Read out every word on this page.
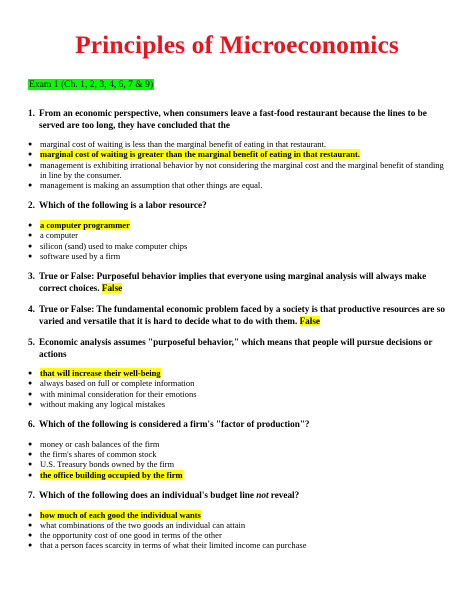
Principles of Microeconomics
Exam 1 (Ch. 1, 2, 3, 4, 6, 7 & 9)
1. From an economic perspective, when consumers leave a fast-food restaurant because the lines to be served are too long, they have concluded that the
● marginal cost of waiting is less than the marginal benefit of eating in that restaurant.
● marginal cost of waiting is greater than the marginal benefit of eating in that restaurant.
● management is exhibiting irrational behavior by not considering the marginal cost and the marginal benefit of standing in line by the consumer.
● management is making an assumption that other things are equal.
2. Which of the following is a labor resource?
● a computer programmer
● a computer
● silicon (sand) used to make computer chips
● software used by a firm
3. True or False: Purposeful behavior implies that everyone using marginal analysis will always make correct choices. False
4. True or False: The fundamental economic problem faced by a society is that productive resources are so varied and versatile that it is hard to decide what to do with them. False
5. Economic analysis assumes "purposeful behavior," which means that people will pursue decisions or actions
● that will increase their well-being
● always based on full or complete information
● with minimal consideration for their emotions
● without making any logical mistakes
6. Which of the following is considered a firm's "factor of production"?
● money or cash balances of the firm
● the firm's shares of common stock
● U.S. Treasury bonds owned by the firm
● the office building occupied by the firm
7. Which of the following does an individual's budget line not reveal?
● how much of each good the individual wants
● what combinations of the two goods an individual can attain
● the opportunity cost of one good in terms of the other
● that a person faces scarcity in terms of what their limited income can purchase
